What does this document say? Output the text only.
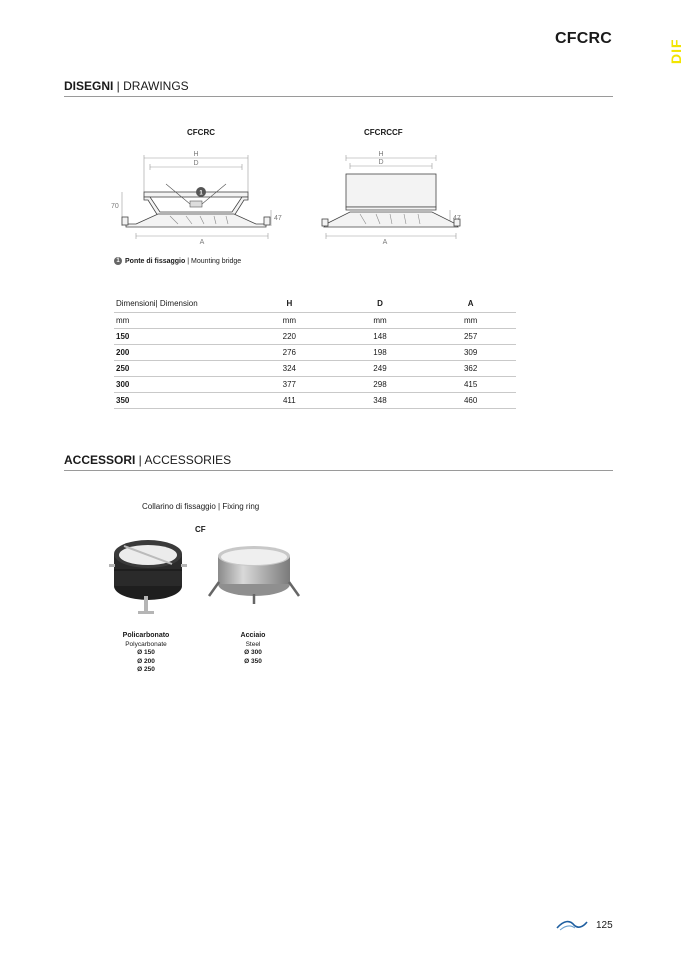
CFCRC	DIF
DISEGNI | DRAWINGS
CFCRC	CFCRCCF
1
H
D
A
70
47
H
D
A
47
1 Ponte di fissaggio | Mounting bridge
Dimensioni| Dimension	H	D	A
mm	mm	mm	mm
150	220	148	257
200	276	198	309
250	324	249	362
300	377	298	415
350	411	348	460
ACCESSORI | ACCESSORIES
Collarino di fissaggio | Fixing ring
CF
Policarbonato
Polycarbonate
Ø 150
Ø 200
Ø 250
Acciaio
Steel
Ø 300
Ø 350
125
